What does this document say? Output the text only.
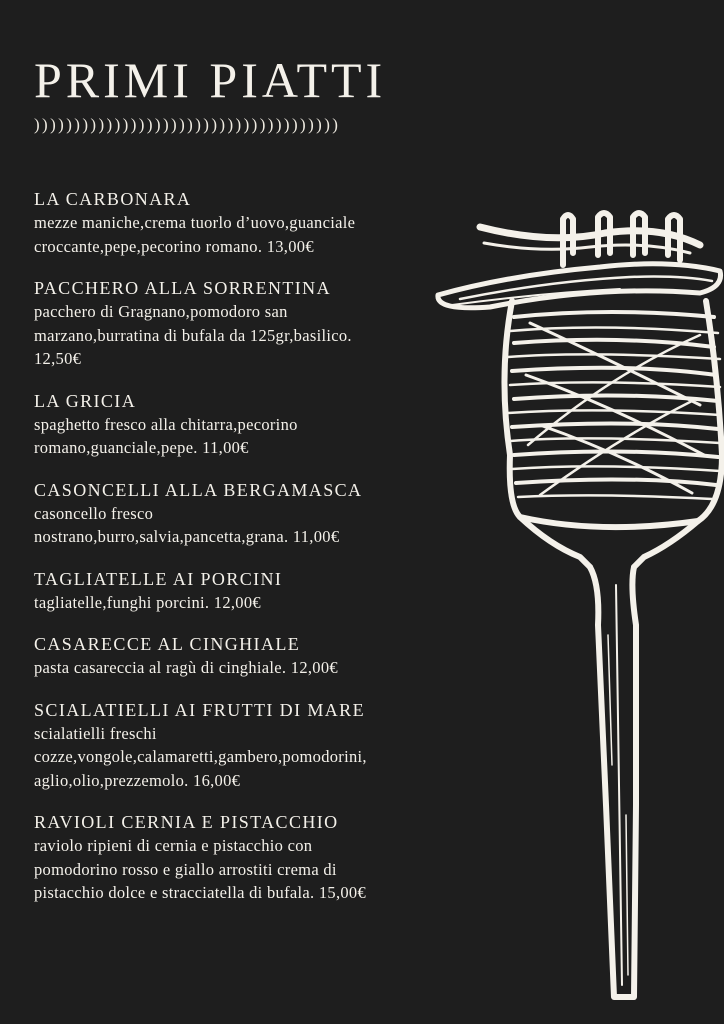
PRIMI PIATTI
))))))))))))))))))))))))))))))))))))))
LA CARBONARA
mezze maniche,crema tuorlo d’uovo,guanciale
croccante,pepe,pecorino romano. 13,00€
PACCHERO ALLA SORRENTINA
pacchero di Gragnano,pomodoro san
marzano,burratina di bufala da 125gr,basilico.
12,50€
LA GRICIA
spaghetto fresco alla chitarra,pecorino
romano,guanciale,pepe. 11,00€
CASONCELLI ALLA BERGAMASCA
casoncello fresco
nostrano,burro,salvia,pancetta,grana. 11,00€
TAGLIATELLE AI PORCINI
tagliatelle,funghi porcini. 12,00€
CASARECCE AL CINGHIALE
pasta casareccia al ragù di cinghiale. 12,00€
SCIALATIELLI AI FRUTTI DI MARE
scialatielli freschi
cozze,vongole,calamaretti,gambero,pomodorini,
aglio,olio,prezzemolo. 16,00€
RAVIOLI CERNIA E PISTACCHIO
raviolo ripieni di cernia e pistacchio con
pomodorino rosso e giallo arrostiti crema di
pistacchio dolce e stracciatella di bufala. 15,00€
